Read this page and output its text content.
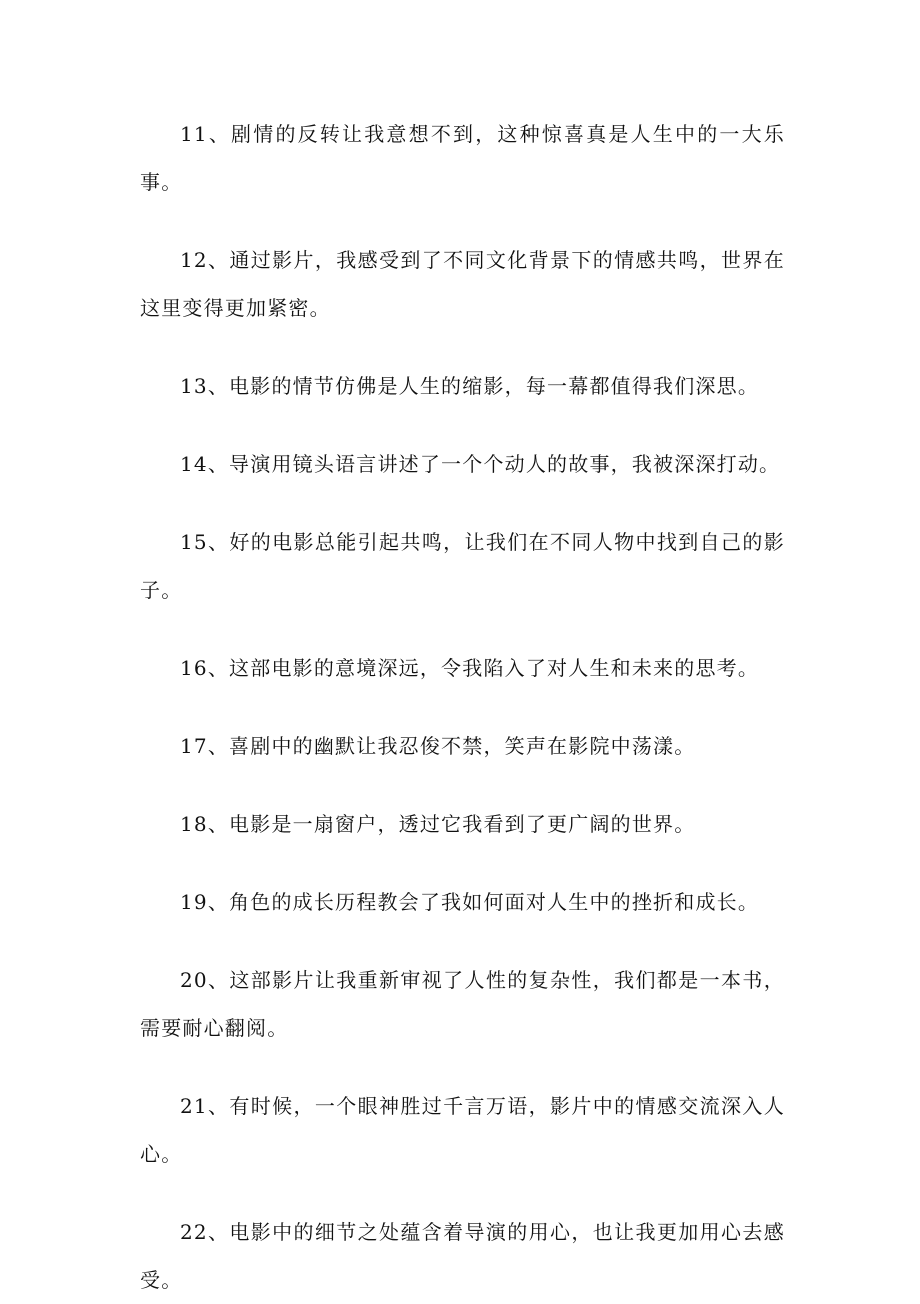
11、剧情的反转让我意想不到，这种惊喜真是人生中的一大乐事。

12、通过影片，我感受到了不同文化背景下的情感共鸣，世界在这里变得更加紧密。

13、电影的情节仿佛是人生的缩影，每一幕都值得我们深思。

14、导演用镜头语言讲述了一个个动人的故事，我被深深打动。

15、好的电影总能引起共鸣，让我们在不同人物中找到自己的影子。

16、这部电影的意境深远，令我陷入了对人生和未来的思考。

17、喜剧中的幽默让我忍俊不禁，笑声在影院中荡漾。

18、电影是一扇窗户，透过它我看到了更广阔的世界。

19、角色的成长历程教会了我如何面对人生中的挫折和成长。

20、这部影片让我重新审视了人性的复杂性，我们都是一本书，需要耐心翻阅。

21、有时候，一个眼神胜过千言万语，影片中的情感交流深入人心。

22、电影中的细节之处蕴含着导演的用心，也让我更加用心去感受。
